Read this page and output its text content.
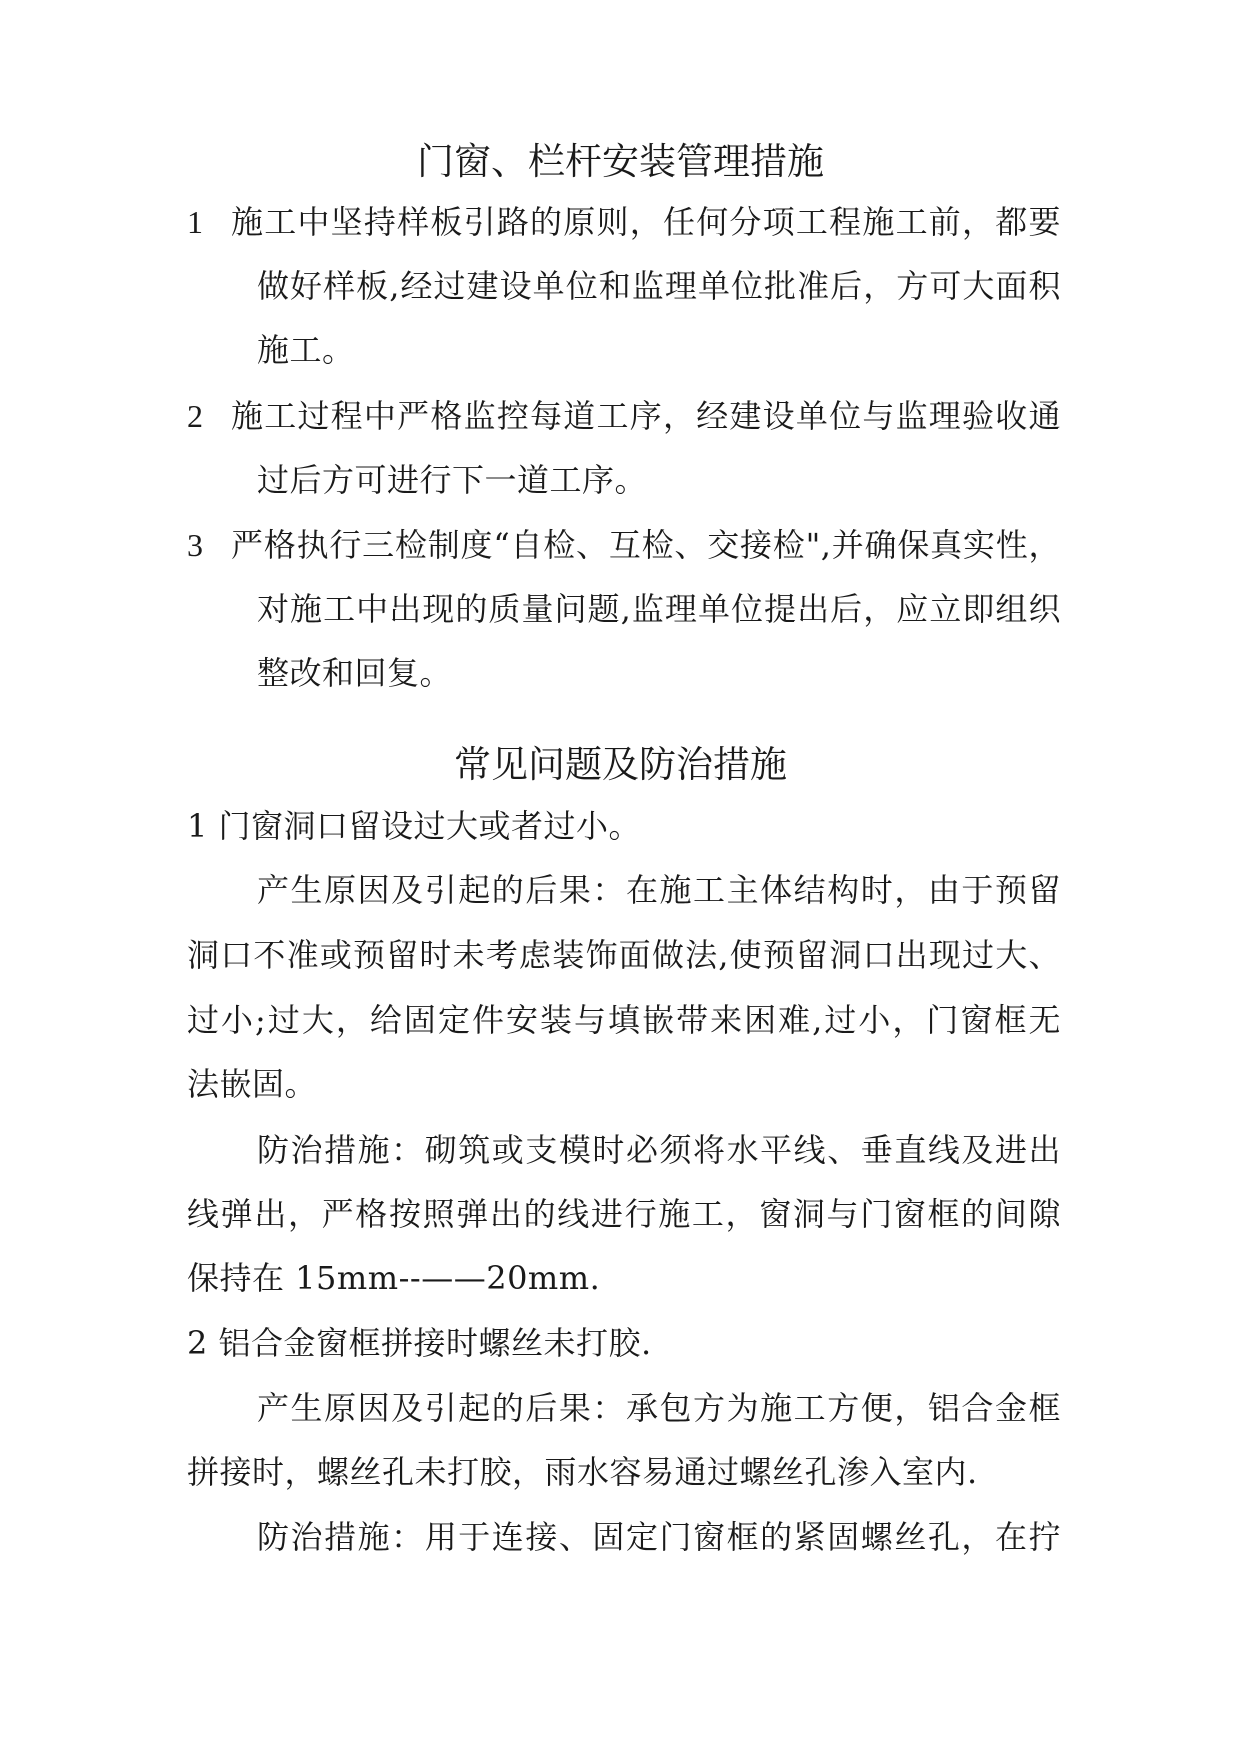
门窗、栏杆安装管理措施
1 施工中坚持样板引路的原则，任何分项工程施工前，都要
做好样板,经过建设单位和监理单位批准后，方可大面积
施工。
2 施工过程中严格监控每道工序，经建设单位与监理验收通
过后方可进行下一道工序。
3 严格执行三检制度“自检、互检、交接检",并确保真实性，
对施工中出现的质量问题,监理单位提出后，应立即组织
整改和回复。
常见问题及防治措施
1 门窗洞口留设过大或者过小。
产生原因及引起的后果：在施工主体结构时，由于预留
洞口不准或预留时未考虑装饰面做法,使预留洞口出现过大、
过小;过大，给固定件安装与填嵌带来困难,过小，门窗框无
法嵌固。
防治措施：砌筑或支模时必须将水平线、垂直线及进出
线弹出，严格按照弹出的线进行施工，窗洞与门窗框的间隙
保持在 15mm--——20mm.
2 铝合金窗框拼接时螺丝未打胶.
产生原因及引起的后果：承包方为施工方便，铝合金框
拼接时，螺丝孔未打胶，雨水容易通过螺丝孔渗入室内.
防治措施：用于连接、固定门窗框的紧固螺丝孔，在拧
